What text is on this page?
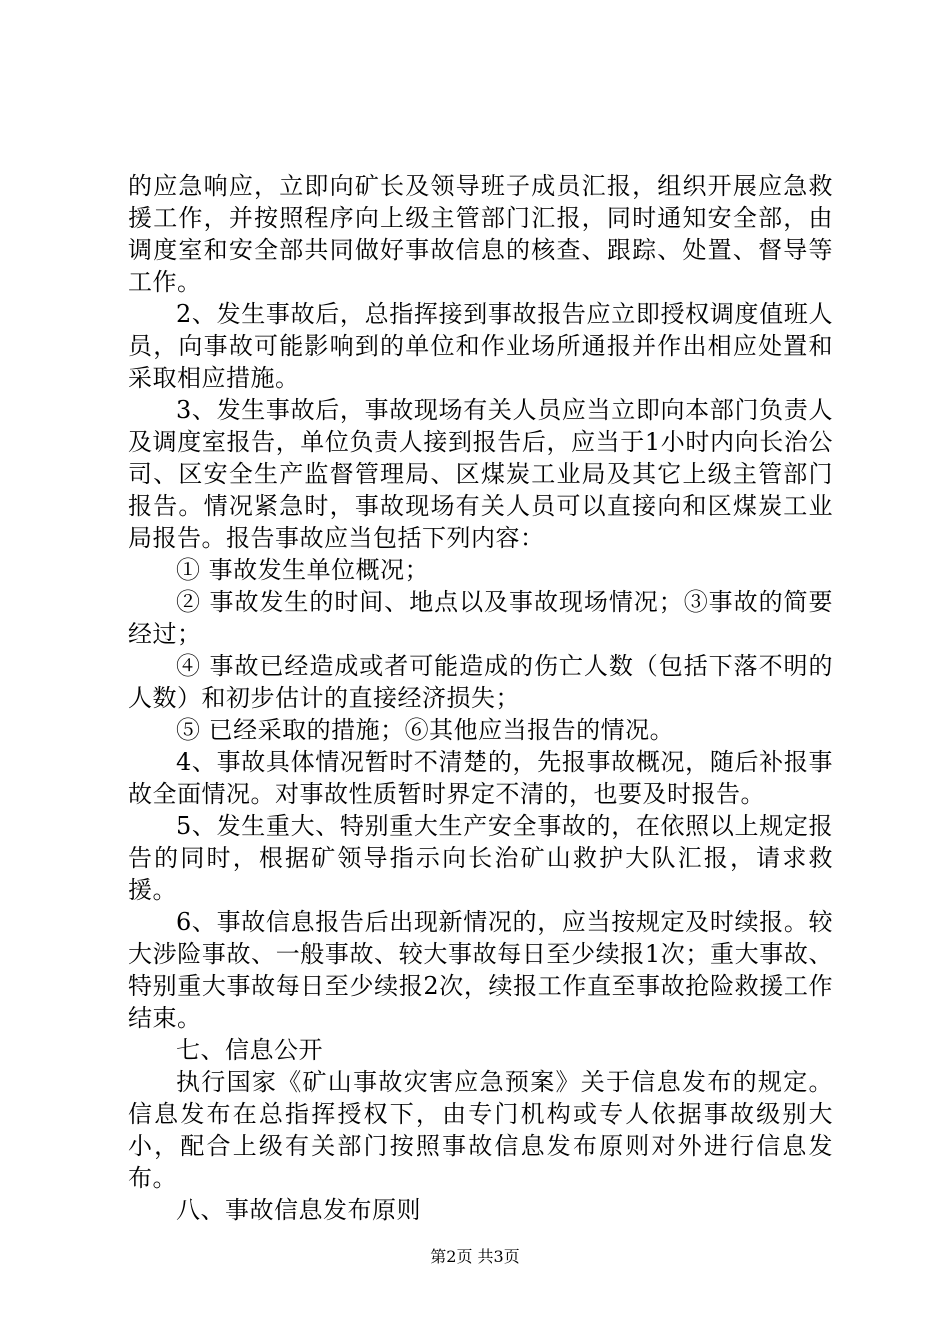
的应急响应，立即向矿长及领导班子成员汇报，组织开展应急救援工作，并按照程序向上级主管部门汇报，同时通知安全部，由调度室和安全部共同做好事故信息的核查、跟踪、处置、督导等工作。

2、发生事故后，总指挥接到事故报告应立即授权调度值班人员，向事故可能影响到的单位和作业场所通报并作出相应处置和采取相应措施。

3、发生事故后，事故现场有关人员应当立即向本部门负责人及调度室报告，单位负责人接到报告后，应当于1小时内向长治公司、区安全生产监督管理局、区煤炭工业局及其它上级主管部门报告。情况紧急时，事故现场有关人员可以直接向和区煤炭工业局报告。报告事故应当包括下列内容：

① 事故发生单位概况；

② 事故发生的时间、地点以及事故现场情况；③事故的简要经过；

④ 事故已经造成或者可能造成的伤亡人数（包括下落不明的人数）和初步估计的直接经济损失；

⑤ 已经采取的措施；⑥其他应当报告的情况。

4、事故具体情况暂时不清楚的，先报事故概况，随后补报事故全面情况。对事故性质暂时界定不清的，也要及时报告。

5、发生重大、特别重大生产安全事故的，在依照以上规定报告的同时，根据矿领导指示向长治矿山救护大队汇报，请求救援。

6、事故信息报告后出现新情况的，应当按规定及时续报。较大涉险事故、一般事故、较大事故每日至少续报1次；重大事故、特别重大事故每日至少续报2次，续报工作直至事故抢险救援工作结束。

七、信息公开

执行国家《矿山事故灾害应急预案》关于信息发布的规定。信息发布在总指挥授权下，由专门机构或专人依据事故级别大小，配合上级有关部门按照事故信息发布原则对外进行信息发布。

八、事故信息发布原则

第2页 共3页
